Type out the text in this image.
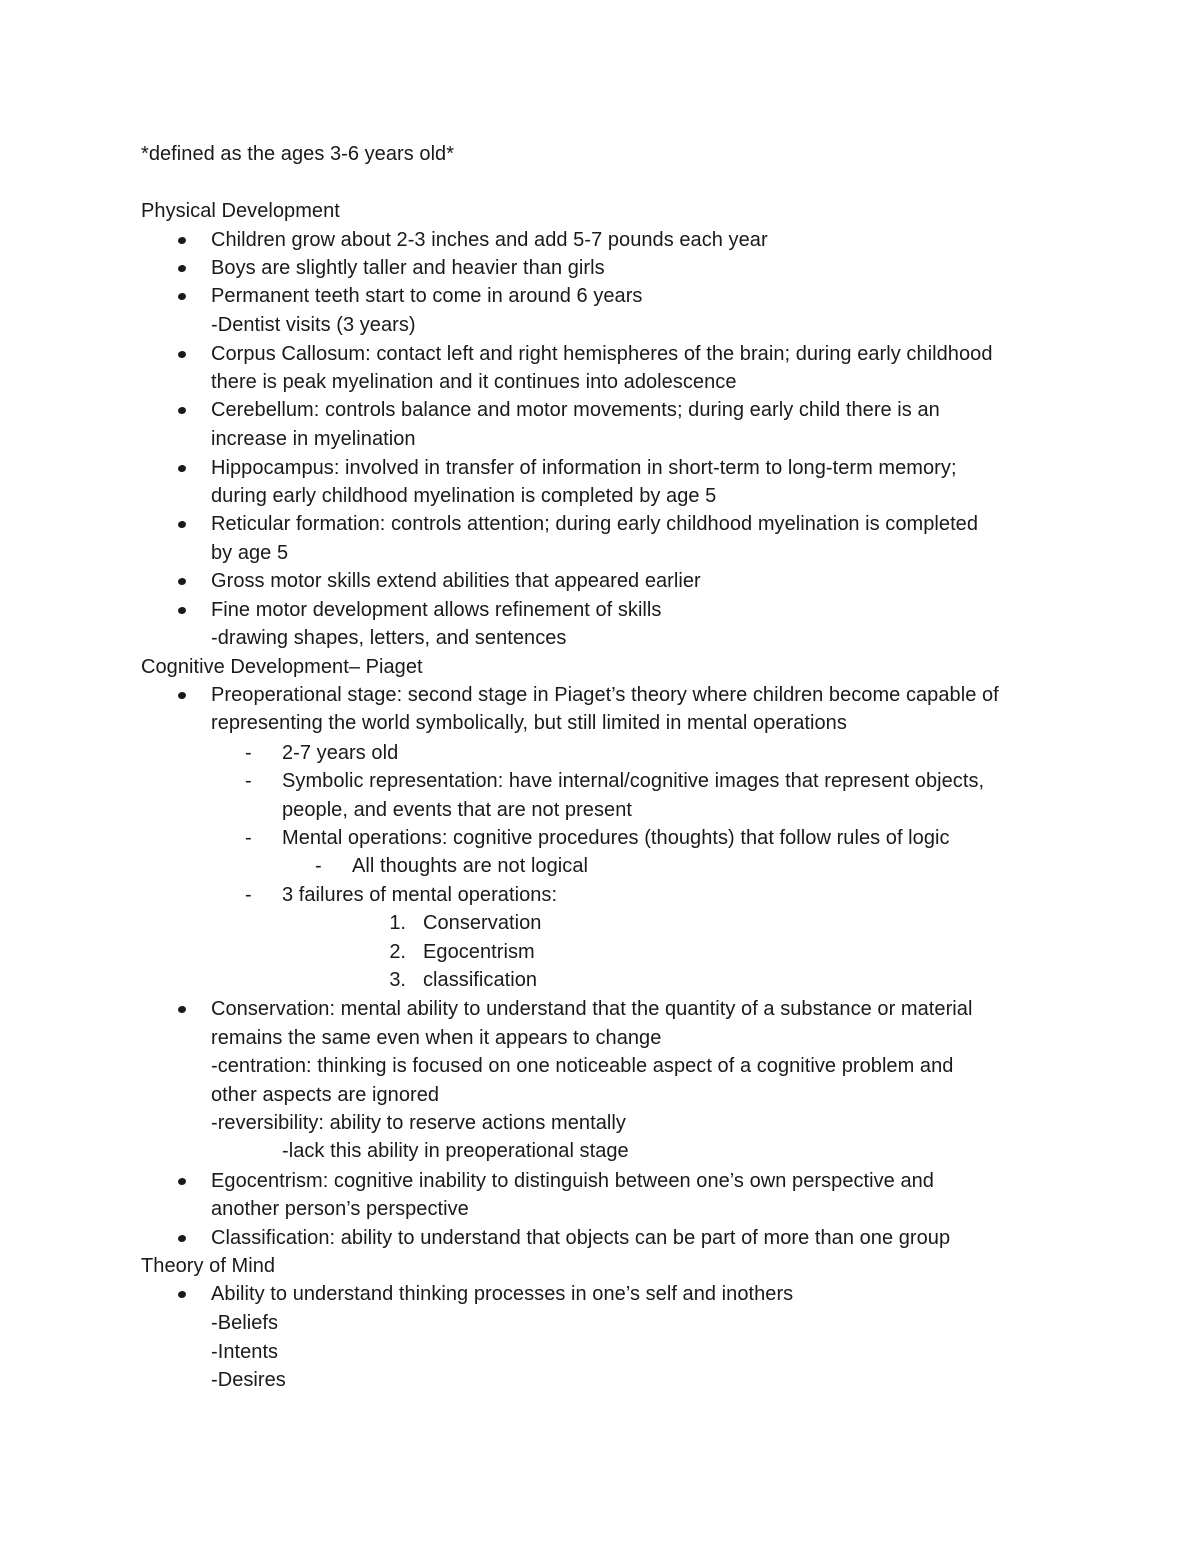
*defined as the ages 3-6 years old*
Physical Development
Children grow about 2-3 inches and add 5-7 pounds each year
Boys are slightly taller and heavier than girls
Permanent teeth start to come in around 6 years
-Dentist visits (3 years)
Corpus Callosum: contact left and right hemispheres of the brain; during early childhood
there is peak myelination and it continues into adolescence
Cerebellum: controls balance and motor movements; during early child there is an
increase in myelination
Hippocampus: involved in transfer of information in short-term to long-term memory;
during early childhood myelination is completed by age 5
Reticular formation: controls attention; during early childhood myelination is completed
by age 5
Gross motor skills extend abilities that appeared earlier
Fine motor development allows refinement of skills
-drawing shapes, letters, and sentences
Cognitive Development– Piaget
Preoperational stage: second stage in Piaget’s theory where children become capable of
representing the world symbolically, but still limited in mental operations
- 2-7 years old
- Symbolic representation: have internal/cognitive images that represent objects,
people, and events that are not present
- Mental operations: cognitive procedures (thoughts) that follow rules of logic
- All thoughts are not logical
- 3 failures of mental operations:
1. Conservation
2. Egocentrism
3. classification
Conservation: mental ability to understand that the quantity of a substance or material
remains the same even when it appears to change
-centration: thinking is focused on one noticeable aspect of a cognitive problem and
other aspects are ignored
-reversibility: ability to reserve actions mentally
-lack this ability in preoperational stage
Egocentrism: cognitive inability to distinguish between one’s own perspective and
another person’s perspective
Classification: ability to understand that objects can be part of more than one group
Theory of Mind
Ability to understand thinking processes in one’s self and inothers
-Beliefs
-Intents
-Desires
